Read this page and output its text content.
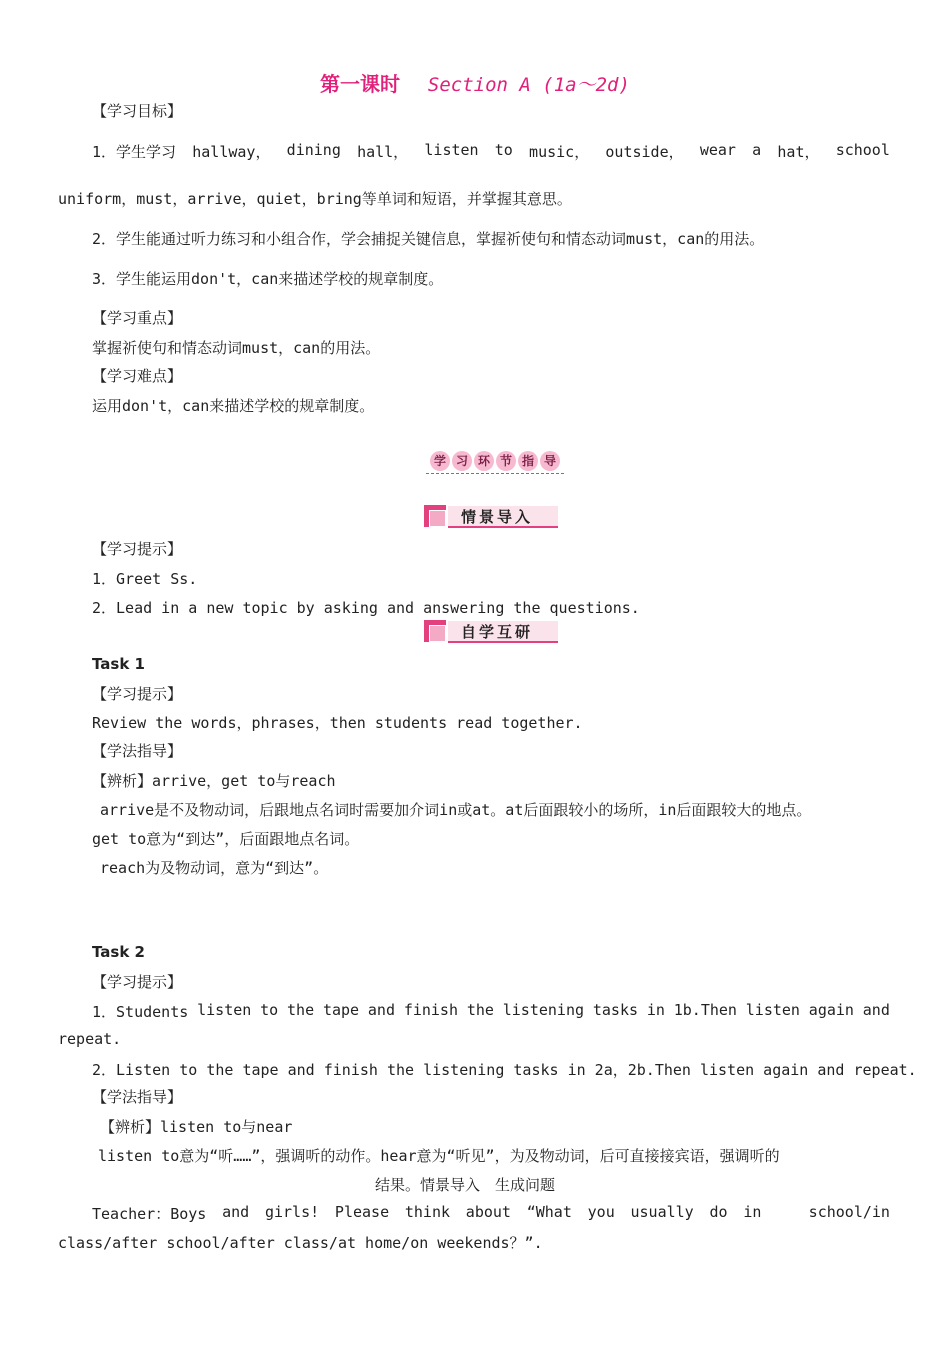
第一课时 Section A (1a～2d)
【学习目标】
1．学生学习 hallway， dining hall， listen to music， outside， wear a hat， school
uniform，must，arrive，quiet，bring等单词和短语，并掌握其意思。
2．学生能通过听力练习和小组合作，学会捕捉关键信息，掌握祈使句和情态动词must，can的用法。
3．学生能运用don't，can来描述学校的规章制度。
【学习重点】
掌握祈使句和情态动词must，can的用法。
【学习难点】
运用don't，can来描述学校的规章制度。
学 习 环 节 指 导
情景导入
【学习提示】
1．Greet Ss.
2．Lead in a new topic by asking and answering the questions.
自学互研
Task 1
【学习提示】
Review the words，phrases，then students read together.
【学法指导】
【辨析】arrive，get to与reach
arrive是不及物动词，后跟地点名词时需要加介词in或at。at后面跟较小的场所，in后面跟较大的地点。
get to意为“到达”，后面跟地点名词。
reach为及物动词，意为“到达”。
Task 2
【学习提示】
1．Students listen to the tape and finish the listening tasks in 1b.Then listen again and
repeat.
2．Listen to the tape and finish the listening tasks in 2a，2b.Then listen again and repeat.
【学法指导】
【辨析】listen to与near
listen to意为“听……”，强调听的动作。hear意为“听见”，为及物动词，后可直接接宾语，强调听的
结果。情景导入　生成问题
Teacher：Boys and girls! Please think about “What you usually do in	school/in
class/after school/after class/at home/on weekends？”.
